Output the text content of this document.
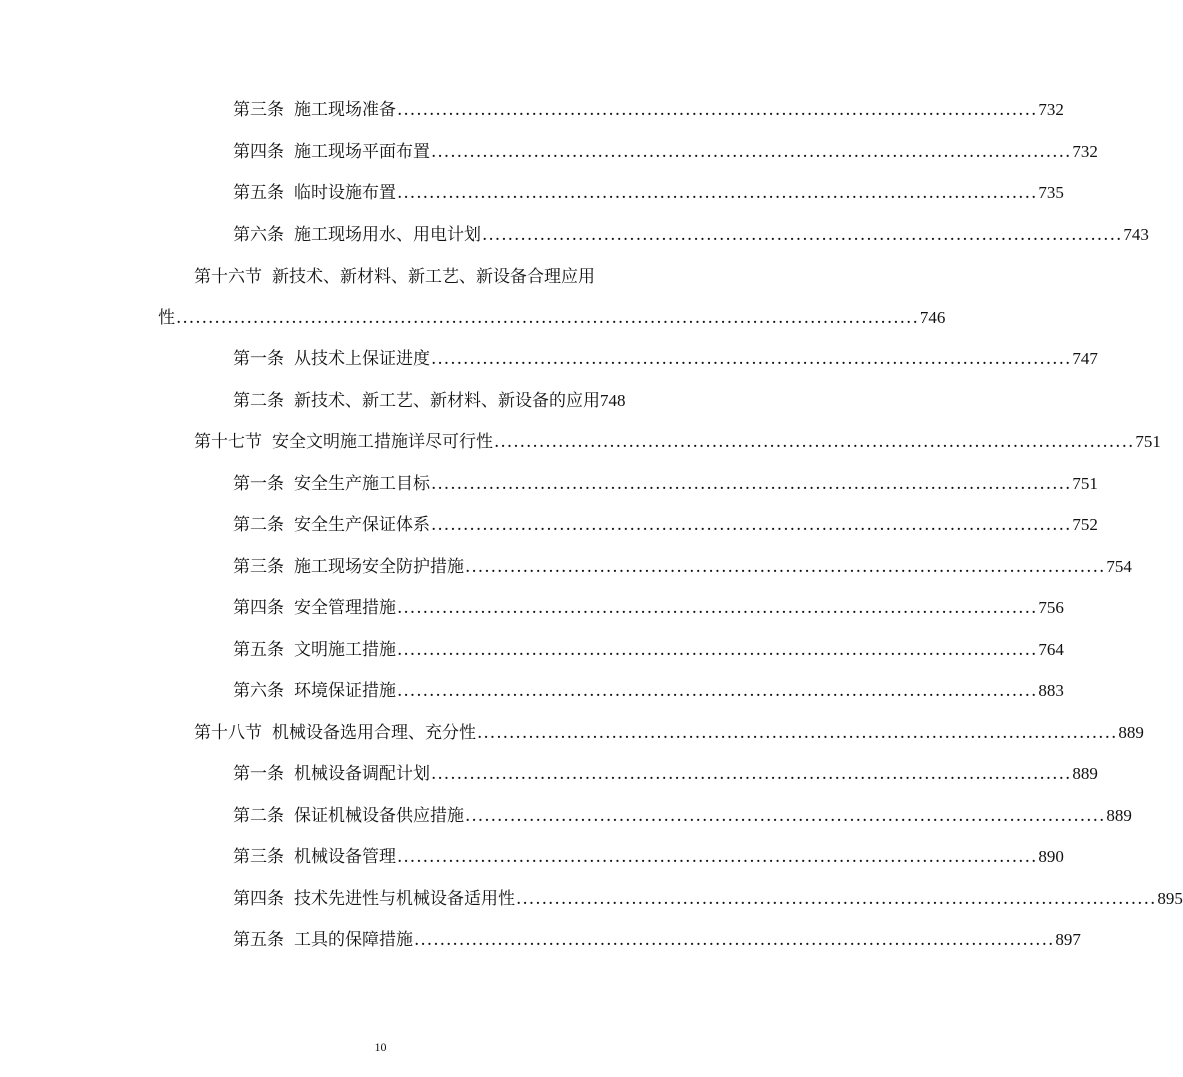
第三条 施工现场准备 .................................................................................................... 732
第四条 施工现场平面布置 .................................................................................................... 732
第五条 临时设施布置 .................................................................................................... 735
第六条 施工现场用水、用电计划 .................................................................................................... 743
第十六节 新技术、新材料、新工艺、新设备合理应用
性 .................................................................................................................... 746
第一条 从技术上保证进度 .................................................................................................... 747
第二条 新技术、新工艺、新材料、新设备的应用 748
第十七节 安全文明施工措施详尽可行性 .................................................................................................... 751
第一条 安全生产施工目标 .................................................................................................... 751
第二条 安全生产保证体系 .................................................................................................... 752
第三条 施工现场安全防护措施 .................................................................................................... 754
第四条 安全管理措施 .................................................................................................... 756
第五条 文明施工措施 .................................................................................................... 764
第六条 环境保证措施 .................................................................................................... 883
第十八节 机械设备选用合理、充分性 .................................................................................................... 889
第一条 机械设备调配计划 .................................................................................................... 889
第二条 保证机械设备供应措施 .................................................................................................... 889
第三条 机械设备管理 .................................................................................................... 890
第四条 技术先进性与机械设备适用性 .................................................................................................... 895
第五条 工具的保障措施 .................................................................................................... 897
10
